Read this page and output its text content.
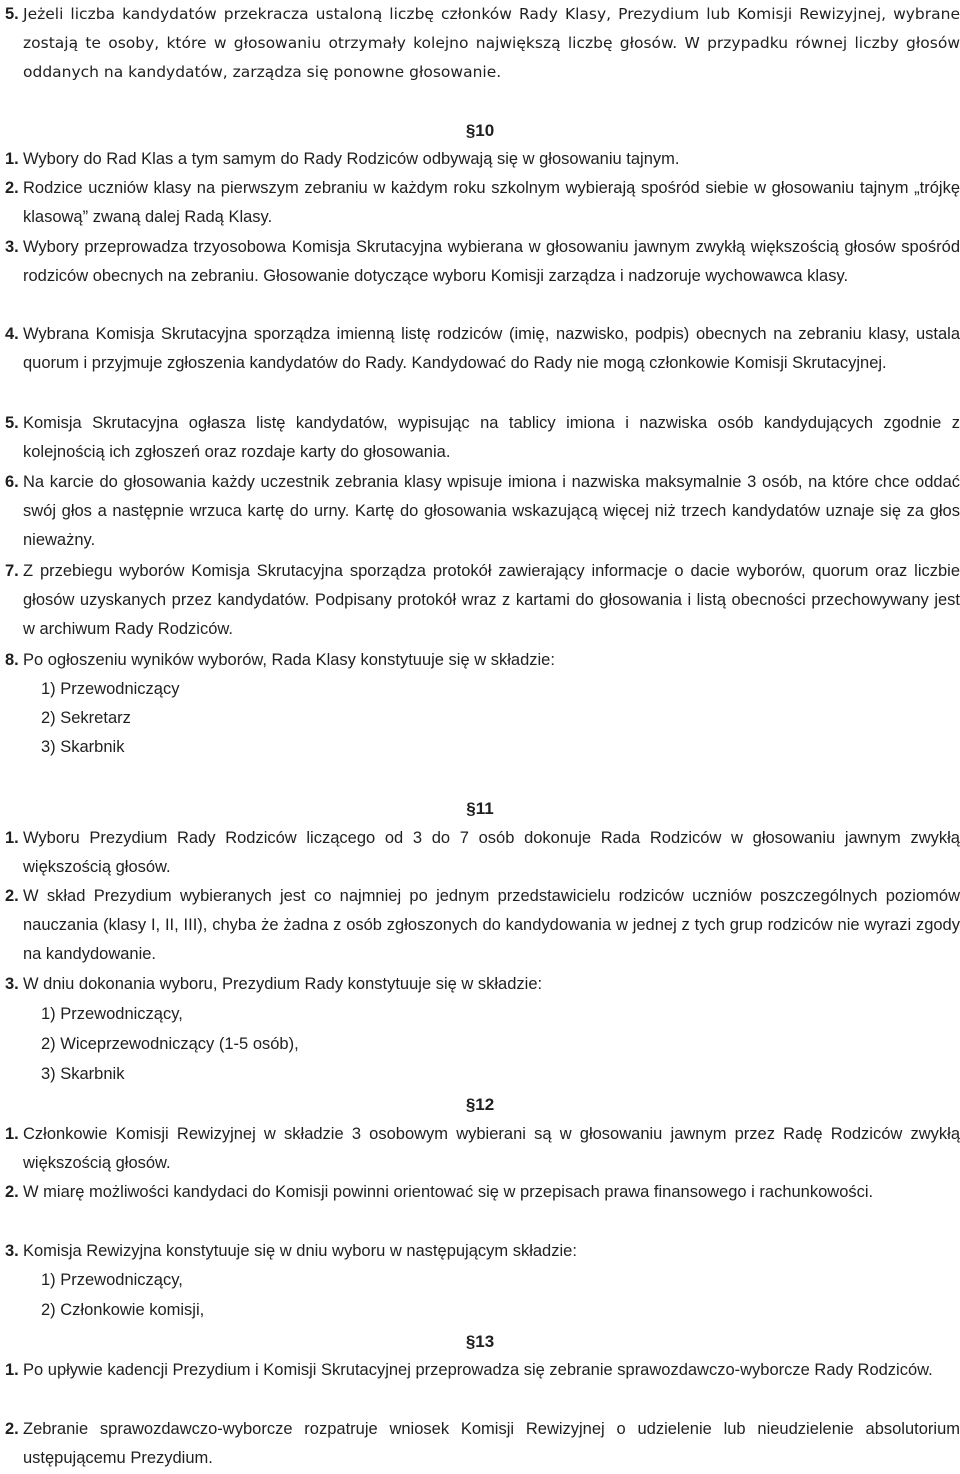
5. Jeżeli liczba kandydatów przekracza ustaloną liczbę członków Rady Klasy, Prezydium lub Komisji Rewizyjnej, wybrane zostają te osoby, które w głosowaniu otrzymały kolejno największą liczbę głosów. W przypadku równej liczby głosów oddanych na kandydatów, zarządza się ponowne głosowanie.
§10
1. Wybory do Rad Klas a tym samym do Rady Rodziców odbywają się w głosowaniu tajnym.
2. Rodzice uczniów klasy na pierwszym zebraniu w każdym roku szkolnym wybierają spośród siebie w głosowaniu tajnym „trójkę klasową” zwaną dalej Radą Klasy.
3. Wybory przeprowadza trzyosobowa Komisja Skrutacyjna wybierana w głosowaniu jawnym zwykłą większością głosów spośród rodziców obecnych na zebraniu. Głosowanie dotyczące wyboru Komisji zarządza i nadzoruje wychowawca klasy.
4. Wybrana Komisja Skrutacyjna sporządza imienną listę rodziców (imię, nazwisko, podpis) obecnych na zebraniu klasy, ustala quorum i przyjmuje zgłoszenia kandydatów do Rady. Kandydować do Rady nie mogą członkowie Komisji Skrutacyjnej.
5. Komisja Skrutacyjna ogłasza listę kandydatów, wypisując na tablicy imiona i nazwiska osób kandydujących zgodnie z kolejnością ich zgłoszeń oraz rozdaje karty do głosowania.
6. Na karcie do głosowania każdy uczestnik zebrania klasy wpisuje imiona i nazwiska maksymalnie 3 osób, na które chce oddać swój głos a następnie wrzuca kartę do urny. Kartę do głosowania wskazującą więcej niż trzech kandydatów uznaje się za głos nieważny.
7. Z przebiegu wyborów Komisja Skrutacyjna sporządza protokół zawierający informacje o dacie wyborów, quorum oraz liczbie głosów uzyskanych przez kandydatów. Podpisany protokół wraz z kartami do głosowania i listą obecności przechowywany jest w archiwum Rady Rodziców.
8. Po ogłoszeniu wyników wyborów, Rada Klasy konstytuuje się w składzie:
1) Przewodniczący
2) Sekretarz
3) Skarbnik
§11
1. Wyboru Prezydium Rady Rodziców liczącego od 3 do 7 osób dokonuje Rada Rodziców w głosowaniu jawnym zwykłą większością głosów.
2. W skład Prezydium wybieranych jest co najmniej po jednym przedstawicielu rodziców uczniów poszczególnych poziomów nauczania (klasy I, II, III), chyba że żadna z osób zgłoszonych do kandydowania w jednej z tych grup rodziców nie wyrazi zgody na kandydowanie.
3. W dniu dokonania wyboru, Prezydium Rady konstytuuje się w składzie:
1) Przewodniczący,
2) Wiceprzewodniczący (1-5 osób),
3) Skarbnik
§12
1. Członkowie Komisji Rewizyjnej w składzie 3 osobowym wybierani są w głosowaniu jawnym przez Radę Rodziców zwykłą większością głosów.
2. W miarę możliwości kandydaci do Komisji powinni orientować się w przepisach prawa finansowego i rachunkowości.
3. Komisja Rewizyjna konstytuuje się w dniu wyboru w następującym składzie:
1) Przewodniczący,
2) Członkowie komisji,
§13
1. Po upływie kadencji Prezydium i Komisji Skrutacyjnej przeprowadza się zebranie sprawozdawczo-wyborcze Rady Rodziców.
2. Zebranie sprawozdawczo-wyborcze rozpatruje wniosek Komisji Rewizyjnej o udzielenie lub nieudzielenie absolutorium ustępującemu Prezydium.
